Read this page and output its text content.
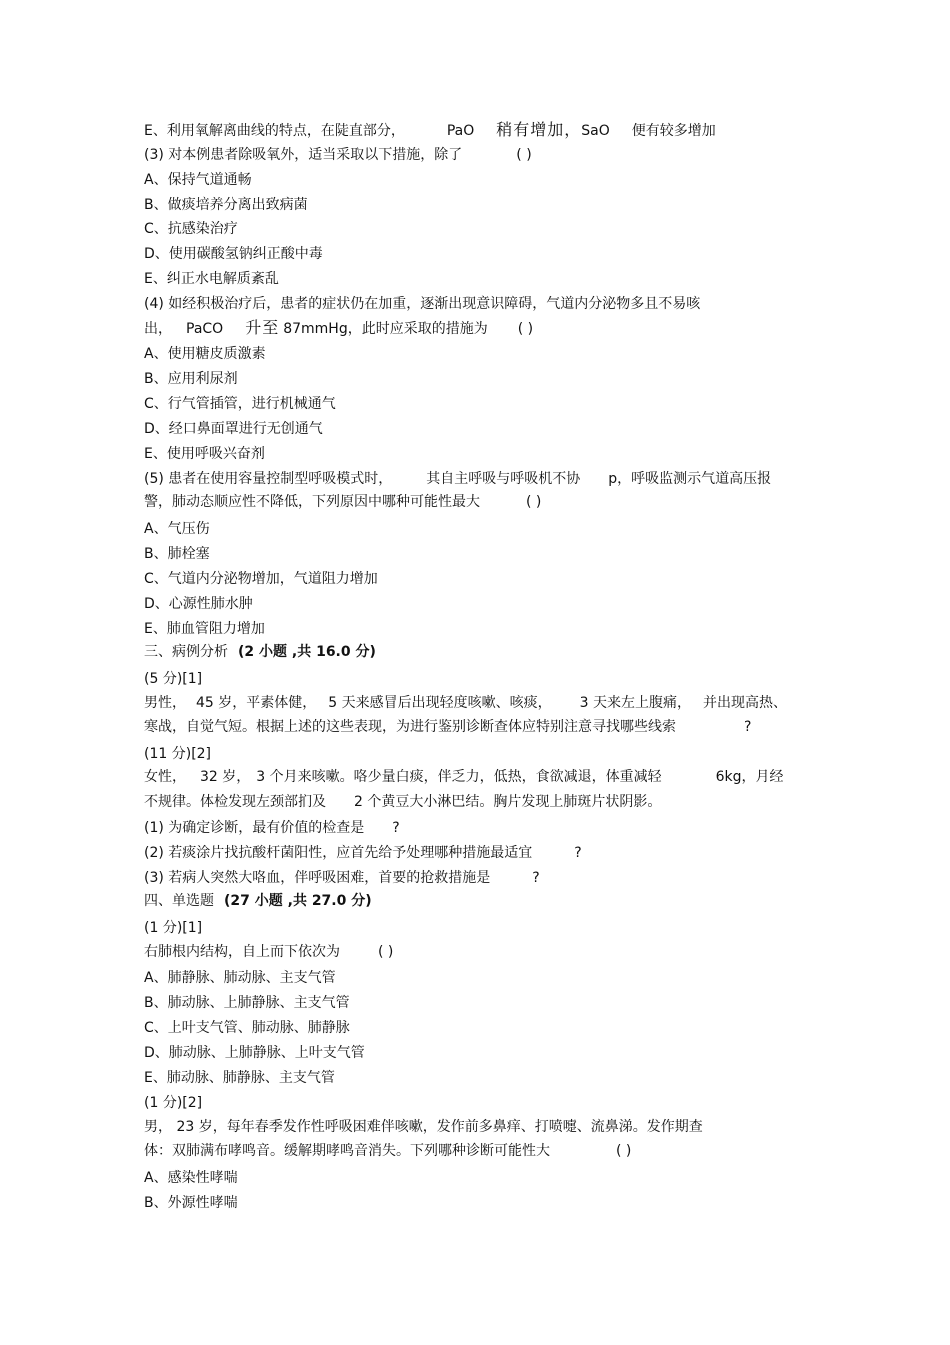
E、利用氧解离曲线的特点，在陡直部分，	PaO 稍有增加，SaO 便有较多增加
(3) 对本例患者除吸氧外，适当采取以下措施，除了	( )
A、保持气道通畅
B、做痰培养分离出致病菌
C、抗感染治疗
D、使用碳酸氢钠纠正酸中毒
E、纠正水电解质紊乱
(4) 如经积极治疗后，患者的症状仍在加重，逐渐出现意识障碍，气道内分泌物多且不易咳
出， PaCO 升至 87mmHg，此时应采取的措施为 ( )
A、使用糖皮质激素
B、应用利尿剂
C、行气管插管，进行机械通气
D、经口鼻面罩进行无创通气
E、使用呼吸兴奋剂
(5) 患者在使用容量控制型呼吸模式时， 其自主呼吸与呼吸机不协 p，呼吸监测示气道高压报
警，肺动态顺应性不降低，下列原因中哪种可能性最大	( )
A、气压伤
B、肺栓塞
C、气道内分泌物增加，气道阻力增加
D、心源性肺水肿
E、肺血管阻力增加
三、病例分析 (2 小题 ,共 16.0 分)
(5 分)[1]
男性， 45 岁，平素体健， 5 天来感冒后出现轻度咳嗽、咳痰， 3 天来左上腹痛， 并出现高热、
寒战，自觉气短。根据上述的这些表现，为进行鉴别诊断查体应特别注意寻找哪些线索	?
(11 分)[2]
女性， 32 岁， 3 个月来咳嗽。咯少量白痰，伴乏力，低热，食欲减退，体重减轻	6kg，月经
不规律。体检发现左颈部扪及 2 个黄豆大小淋巴结。胸片发现上肺斑片状阴影。
(1) 为确定诊断，最有价值的检查是 ?
(2) 若痰涂片找抗酸杆菌阳性，应首先给予处理哪种措施最适宜	?
(3) 若病人突然大咯血，伴呼吸困难，首要的抢救措施是	?
四、单选题 (27 小题 ,共 27.0 分)
(1 分)[1]
右肺根内结构，自上而下依次为	( )
A、肺静脉、肺动脉、主支气管
B、肺动脉、上肺静脉、主支气管
C、上叶支气管、肺动脉、肺静脉
D、肺动脉、上肺静脉、上叶支气管
E、肺动脉、肺静脉、主支气管
(1 分)[2]
男， 23 岁，每年春季发作性呼吸困难伴咳嗽，发作前多鼻痒、打喷嚏、流鼻涕。发作期查
体：双肺满布哮鸣音。缓解期哮鸣音消失。下列哪种诊断可能性大	( )
A、感染性哮喘
B、外源性哮喘
